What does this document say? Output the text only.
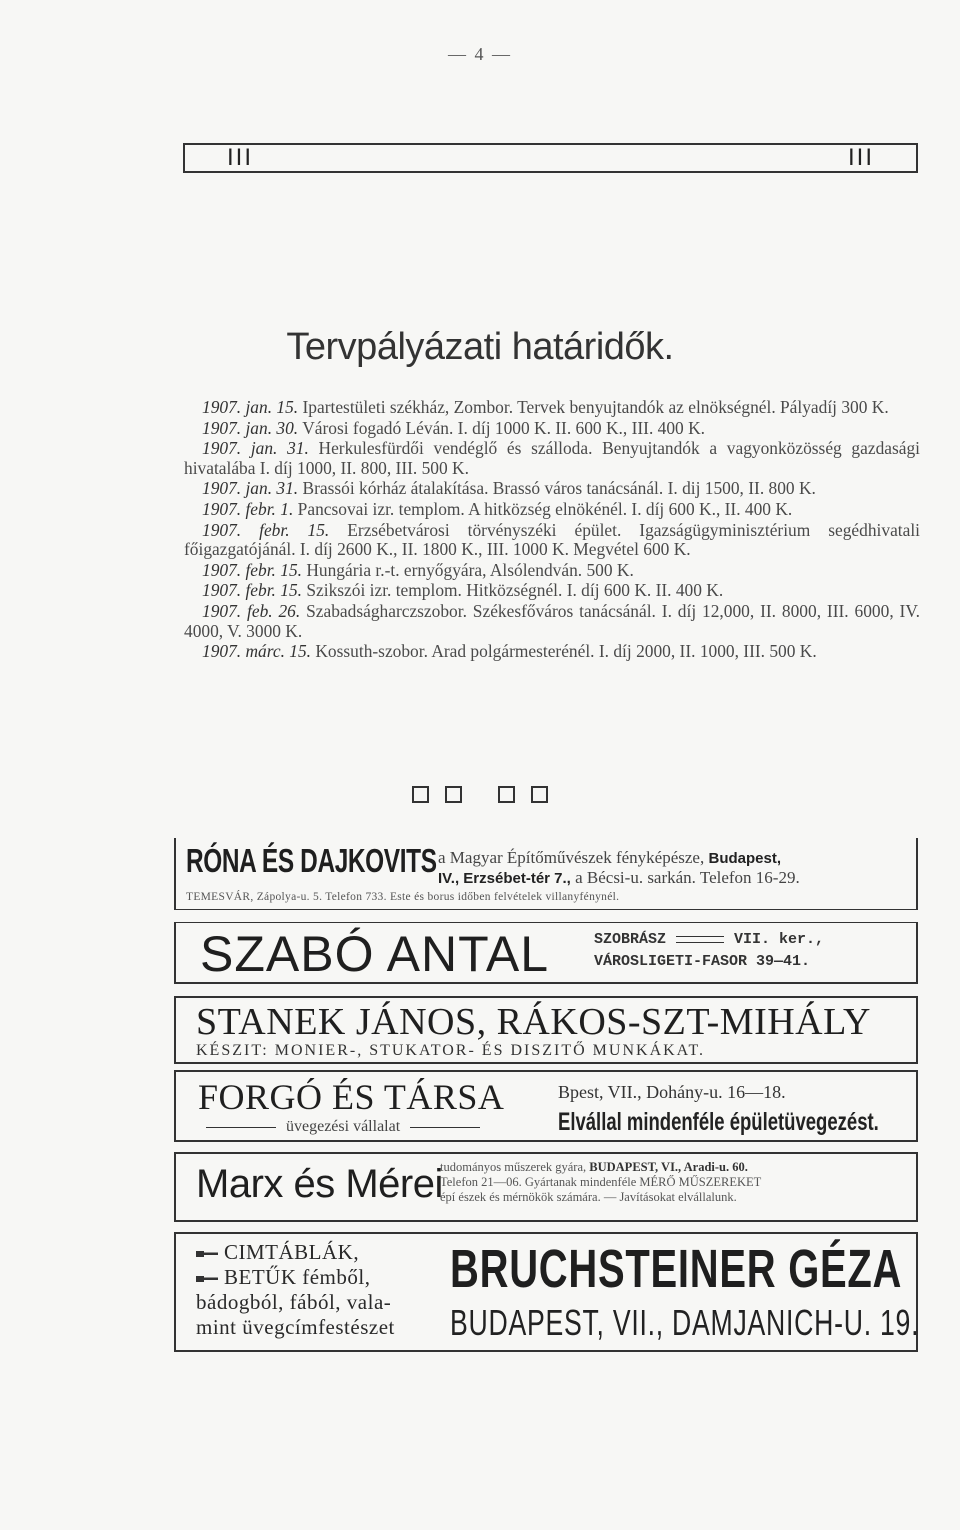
— 4 —
III	III
Tervpályázati határidők.

1907. jan. 15. Ipartestületi székház, Zombor. Tervek benyujtandók az elnökségnél. Pályadíj 300 K.

1907. jan. 30. Városi fogadó Léván. I. díj 1000 K. II. 600 K., III. 400 K.

1907. jan. 31. Herkulesfürdői vendéglő és szálloda. Benyujtandók a vagyonközösség gazdasági hivatalába I. díj 1000, II. 800, III. 500 K.

1907. jan. 31. Brassói kórház átalakítása. Brassó város tanácsánál. I. dij 1500, II. 800 K.

1907. febr. 1. Pancsovai izr. templom. A hitközség elnökénél. I. díj 600 K., II. 400 K.

1907. febr. 15. Erzsébetvárosi törvényszéki épület. Igazságügyminisztérium segédhivatali főigazgatójánál. I. díj 2600 K., II. 1800 K., III. 1000 K. Megvétel 600 K.

1907. febr. 15. Hungária r.-t. ernyőgyára, Alsólendván. 500 K.

1907. febr. 15. Szikszói izr. templom. Hitközségnél. I. díj 600 K. II. 400 K.

1907. feb. 26. Szabadságharczszobor. Székesfőváros tanácsánál. I. díj 12,000, II. 8000, III. 6000, IV. 4000, V. 3000 K.

1907. márc. 15. Kossuth-szobor. Arad polgármesterénél. I. díj 2000, II. 1000, III. 500 K.

RÓNA ÉS DAJKOVITS a Magyar Építőművészek fényképésze, Budapest,
IV., Erzsébet-tér 7., a Bécsi-u. sarkán. Telefon 16-29.
TEMESVÁR, Zápolya-u. 5. Telefon 733. Este és borus időben felvételek villanyfénynél.
SZABÓ ANTAL	SZOBRÁSZ	VII. ker.,
VÁROSLIGETI-FASOR 39—41.
STANEK JÁNOS, RÁKOS-SZT-MIHÁLY
KÉSZIT: MONIER-, STUKATOR- ÉS DISZITŐ MUNKÁKAT.
FORGÓ ÉS TÁRSA
üvegezési vállalat
Bpest, VII., Dohány-u. 16—18.
Elvállal mindenféle épületüvegezést.
Marx és Mérei
tudományos műszerek gyára, BUDAPEST, VI., Aradi-u. 60.
Telefon 21—06. Gyártanak mindenféle MÉRŐ MŰSZEREKET
épí észek és mérnökök számára. — Javításokat elvállalunk.
CIMTÁBLÁK,
BETŰK fémből,
bádogból, fából, vala-
mint üvegcímfestészet
BRUCHSTEINER GÉZA
BUDAPEST, VII., DAMJANICH-U. 19.
